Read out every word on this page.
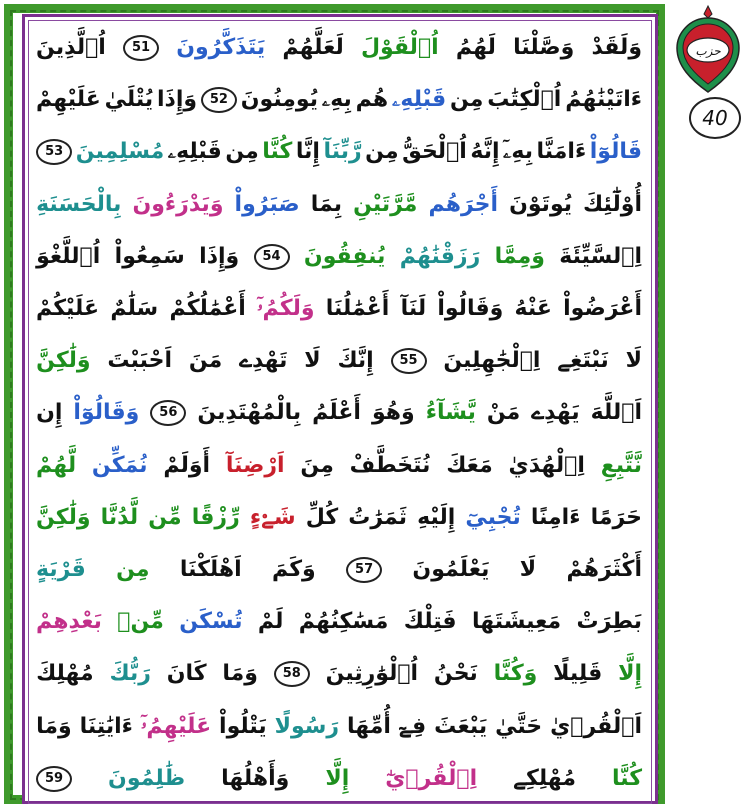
وَلَقَدْ
وَصَّلْنَا
لَهُمُ
اُ۬لْقَوْلَ
لَعَلَّهُمْ
يَتَذَكَّرُونَ
51
اُ۬لَّذِينَ
ءَاتَيْنَٰهُمُ
اُ۬لْكِتَٰبَ
مِن
قَبْلِهِۦ
هُم
بِهِۦ
يُومِنُونَ
52
وَإِذَا
يُتْلَيٰ
عَلَيْهِمْ
قَالُوٓاْ
ءَامَنَّا
بِهِۦٓ
إِنَّهُ
اُ۬لْحَقُّ
مِن
رَّبِّنَآ
إِنَّا
كُنَّا
مِن
قَبْلِهِۦ
مُسْلِمِينَ
53
أُوْلَٰٓئِكَ
يُوتَوْنَ
أَجْرَهُم
مَّرَّتَيْنِ
بِمَا
صَبَرُواْ
وَيَدْرَءُونَ
بِالْحَسَنَةِ
اِ۬لسَّيِّئَةَ
وَمِمَّا
رَزَقْنَٰهُمْ
يُنفِقُونَ
54
وَإِذَا
سَمِعُواْ
اُ۬للَّغْوَ
أَعْرَضُواْ
عَنْهُ
وَقَالُواْ
لَنَآ
أَعْمَٰلُنَا
وَلَكُمُۥٓ
أَعْمَٰلُكُمْ
سَلَٰمٌ
عَلَيْكُمْ
لَا
نَبْتَغِے
اِ۬لْجَٰهِلِينَ
55
إِنَّكَ
لَا
تَهْدِے
مَنَ
اَحْبَبْتَ
وَلَٰكِنَّ
اَ۬للَّهَ
يَهْدِے
مَنْ
يَّشَآءُ
وَهُوَ
أَعْلَمُ
بِالْمُهْتَدِينَ
56
وَقَالُوٓاْ
إِن
نَّتَّبِعِ
اِ۬لْهُدَيٰ
مَعَكَ
نُتَخَطَّفْ
مِنَ
اَرْضِنَآ
أَوَلَمْ
نُمَكِّن
لَّهُمْ
حَرَمًا
ءَامِنًا
تُجْبِيٓ
إِلَيْهِ
ثَمَرَٰتُ
كُلِّ
شَےْءٍ
رِّزْقًا
مِّن
لَّدُنَّا
وَلَٰكِنَّ
أَكْثَرَهُمْ
لَا
يَعْلَمُونَ
57
وَكَمَ
اَهْلَكْنَا
مِن
قَرْيَةٍ
بَطِرَتْ
مَعِيشَتَهَا
فَتِلْكَ
مَسَٰكِنُهُمْ
لَمْ
تُسْكَن
مِّنۢ
بَعْدِهِمْ
إِلَّا
قَلِيلًا
وَكُنَّا
نَحْنُ
اُ۬لْوَٰرِثِينَ
58
وَمَا
كَانَ
رَبُّكَ
مُهْلِكَ
اَ۬لْقُر۪يٰ
حَتَّيٰ
يَبْعَثَ
فِےٓ
أُمِّهَا
رَسُولًا
يَتْلُواْ
عَلَيْهِمُۥٓ
ءَايَٰتِنَا
وَمَا
كُنَّا
مُهْلِكِے
اِ۬لْقُر۪يٰٓ
إِلَّا
وَأَهْلُهَا
ظَٰلِمُونَ
59
حزب
40
